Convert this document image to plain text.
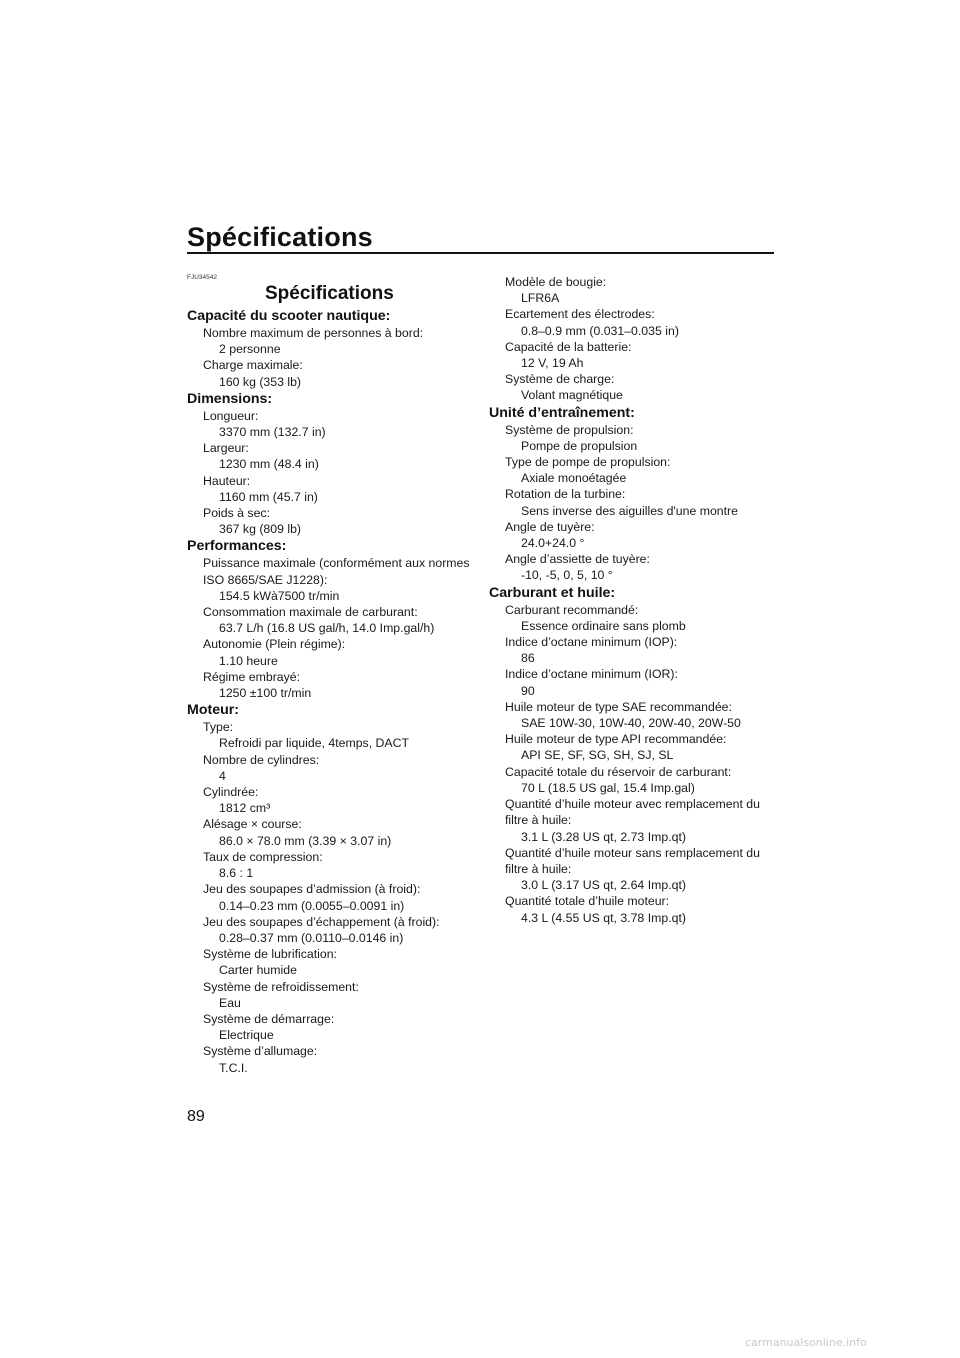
Spécifications
FJU34542
Spécifications
Capacité du scooter nautique:
Nombre maximum de personnes à bord:
2 personne
Charge maximale:
160 kg (353 lb)
Dimensions:
Longueur:
3370 mm (132.7 in)
Largeur:
1230 mm (48.4 in)
Hauteur:
1160 mm (45.7 in)
Poids à sec:
367 kg (809 lb)
Performances:
Puissance maximale (conformément aux normes ISO 8665/SAE J1228):
154.5 kWà7500 tr/min
Consommation maximale de carburant:
63.7 L/h (16.8 US gal/h, 14.0 Imp.gal/h)
Autonomie (Plein régime):
1.10 heure
Régime embrayé:
1250 ±100 tr/min
Moteur:
Type:
Refroidi par liquide, 4temps, DACT
Nombre de cylindres:
4
Cylindrée:
1812 cm³
Alésage × course:
86.0 × 78.0 mm (3.39 × 3.07 in)
Taux de compression:
8.6 : 1
Jeu des soupapes d’admission (à froid):
0.14–0.23 mm (0.0055–0.0091 in)
Jeu des soupapes d’échappement (à froid):
0.28–0.37 mm (0.0110–0.0146 in)
Système de lubrification:
Carter humide
Système de refroidissement:
Eau
Système de démarrage:
Electrique
Système d’allumage:
T.C.I.
Modèle de bougie:
LFR6A
Ecartement des électrodes:
0.8–0.9 mm (0.031–0.035 in)
Capacité de la batterie:
12 V, 19 Ah
Système de charge:
Volant magnétique
Unité d’entraînement:
Système de propulsion:
Pompe de propulsion
Type de pompe de propulsion:
Axiale monoétagée
Rotation de la turbine:
Sens inverse des aiguilles d'une montre
Angle de tuyère:
24.0+24.0 °
Angle d’assiette de tuyère:
-10, -5, 0, 5, 10 °
Carburant et huile:
Carburant recommandé:
Essence ordinaire sans plomb
Indice d’octane minimum (IOP):
86
Indice d’octane minimum (IOR):
90
Huile moteur de type SAE recommandée:
SAE 10W-30, 10W-40, 20W-40, 20W-50
Huile moteur de type API recommandée:
API SE, SF, SG, SH, SJ, SL
Capacité totale du réservoir de carburant:
70 L (18.5 US gal, 15.4 Imp.gal)
Quantité d’huile moteur avec remplacement du filtre à huile:
3.1 L (3.28 US qt, 2.73 Imp.qt)
Quantité d’huile moteur sans remplacement du filtre à huile:
3.0 L (3.17 US qt, 2.64 Imp.qt)
Quantité totale d’huile moteur:
4.3 L (4.55 US qt, 3.78 Imp.qt)
89
carmanualsonline.info
